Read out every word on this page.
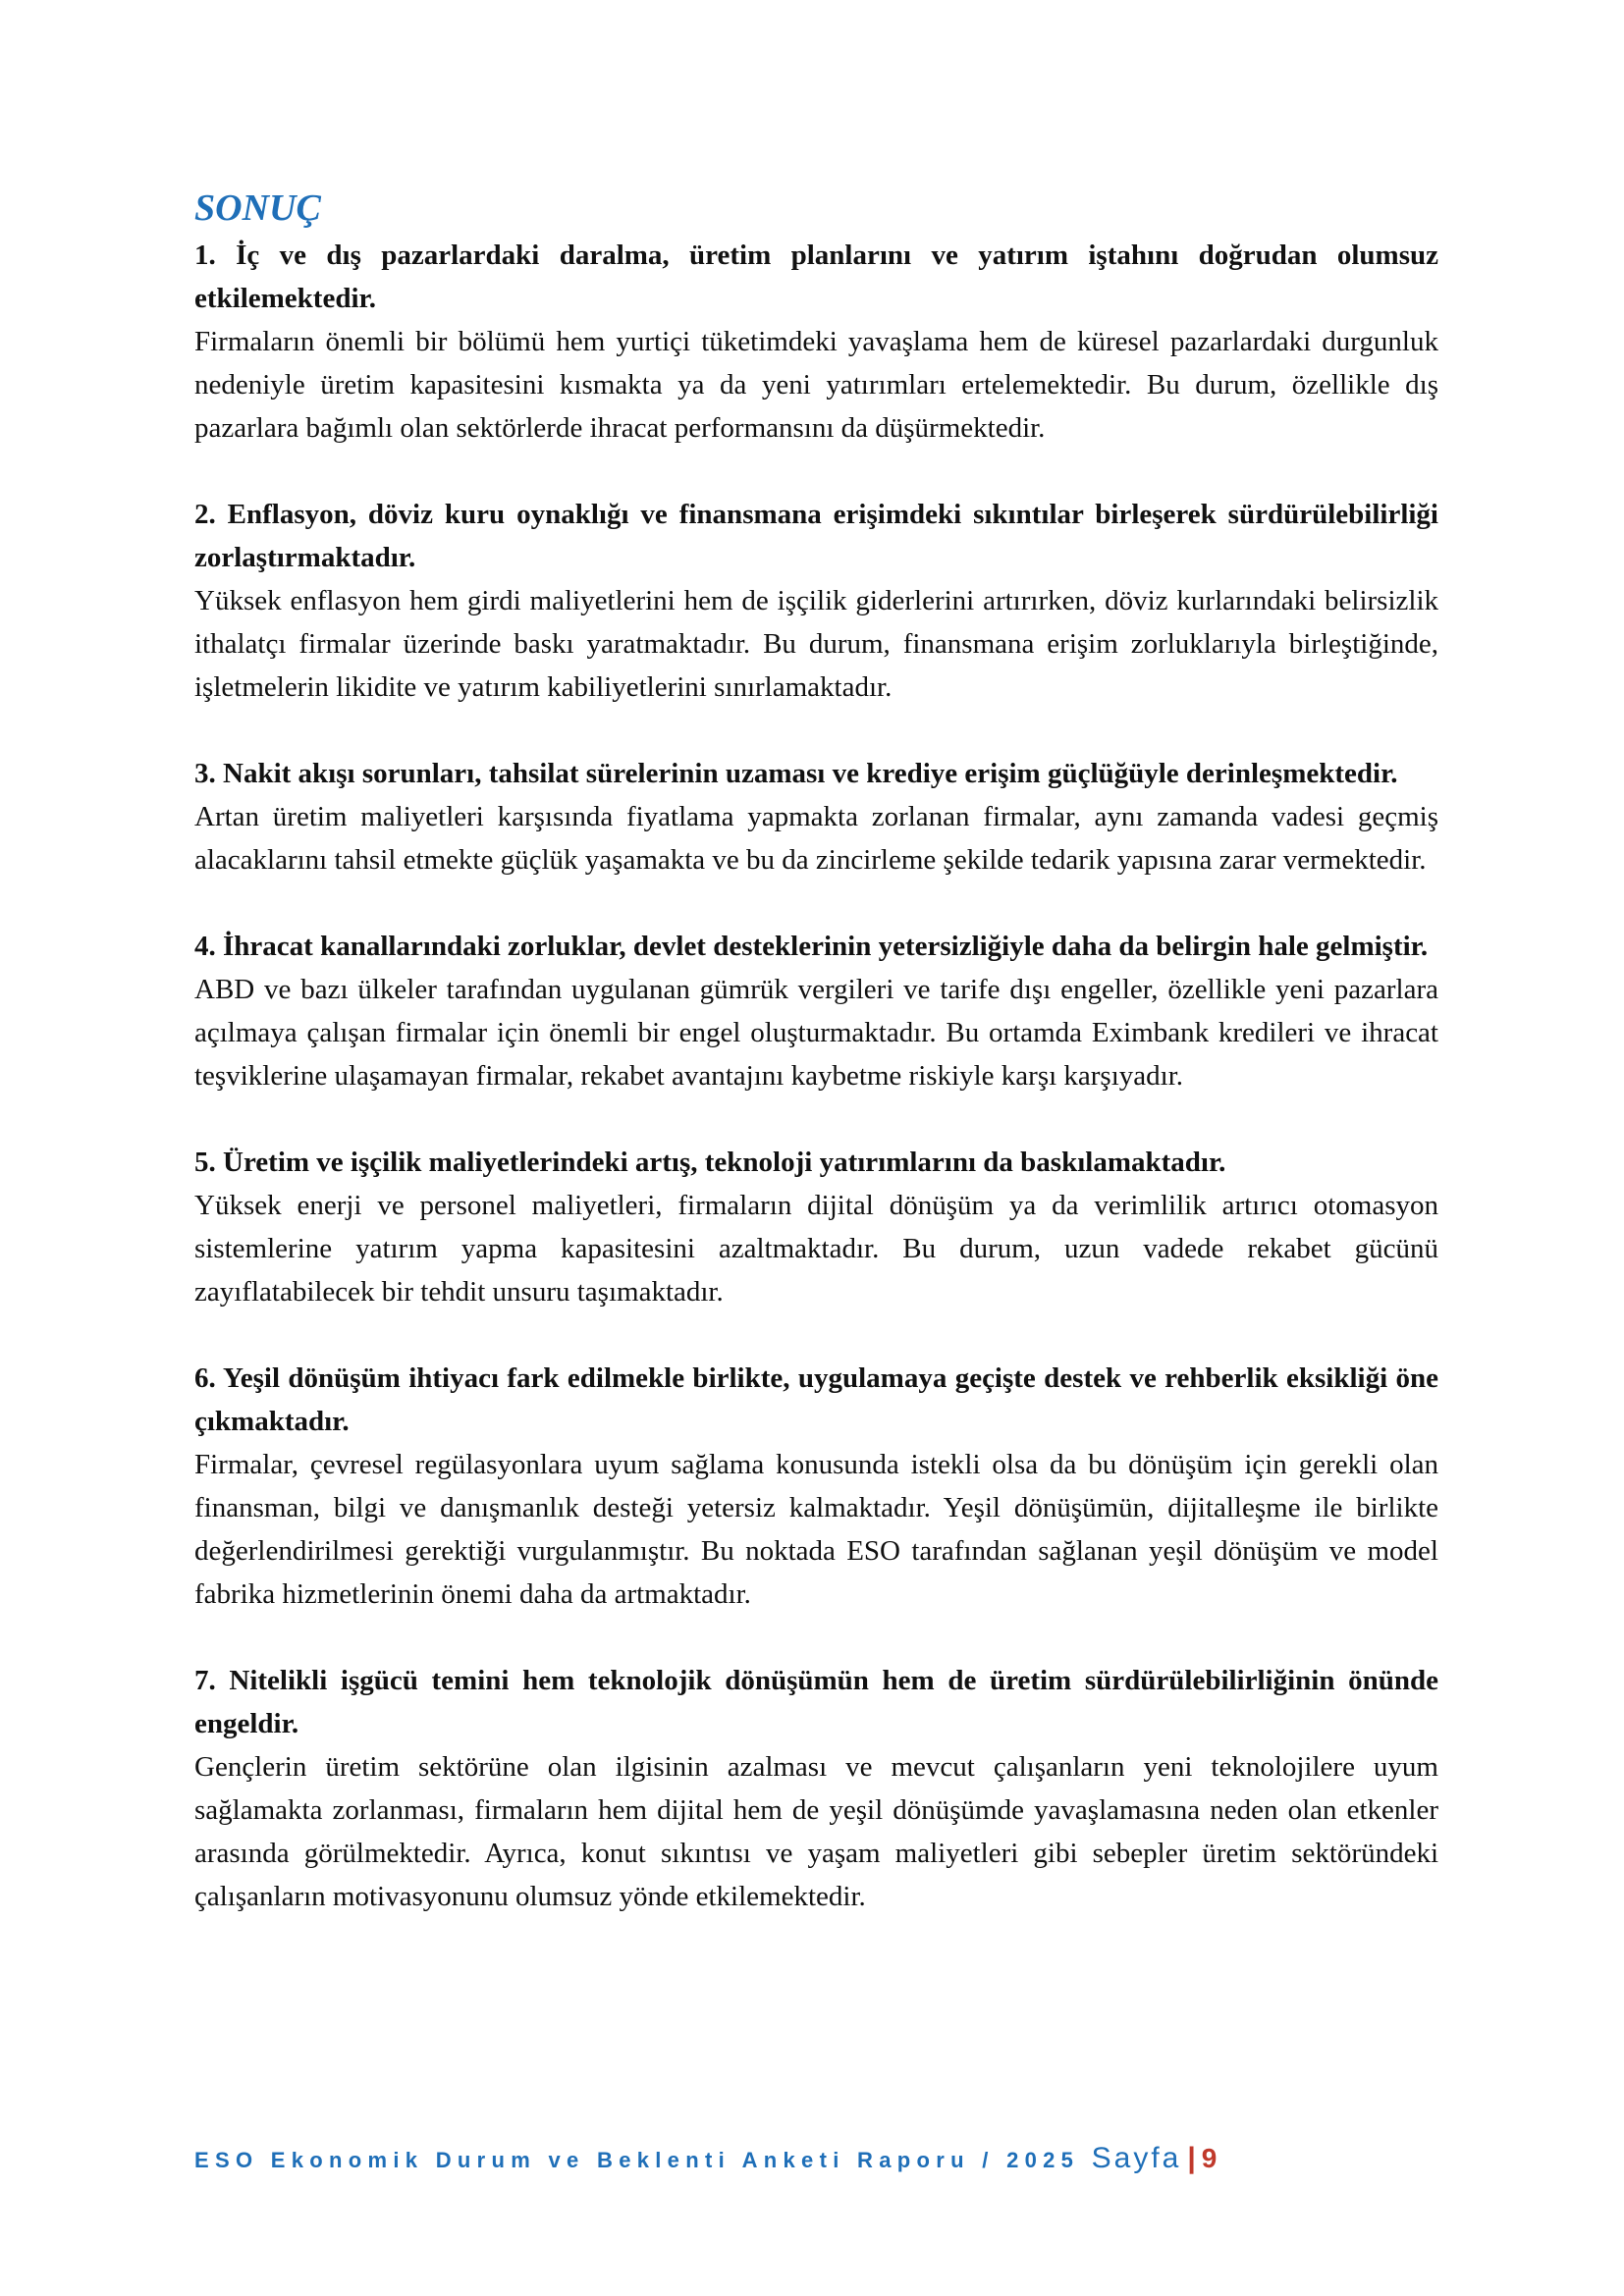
SONUÇ

1. İç ve dış pazarlardaki daralma, üretim planlarını ve yatırım iştahını doğrudan olumsuz etkilemektedir.

Firmaların önemli bir bölümü hem yurtiçi tüketimdeki yavaşlama hem de küresel pazarlardaki durgunluk nedeniyle üretim kapasitesini kısmakta ya da yeni yatırımları ertelemektedir. Bu durum, özellikle dış pazarlara bağımlı olan sektörlerde ihracat performansını da düşürmektedir.

2. Enflasyon, döviz kuru oynaklığı ve finansmana erişimdeki sıkıntılar birleşerek sürdürülebilirliği zorlaştırmaktadır.

Yüksek enflasyon hem girdi maliyetlerini hem de işçilik giderlerini artırırken, döviz kurlarındaki belirsizlik ithalatçı firmalar üzerinde baskı yaratmaktadır. Bu durum, finansmana erişim zorluklarıyla birleştiğinde, işletmelerin likidite ve yatırım kabiliyetlerini sınırlamaktadır.

3. Nakit akışı sorunları, tahsilat sürelerinin uzaması ve krediye erişim güçlüğüyle derinleşmektedir.

Artan üretim maliyetleri karşısında fiyatlama yapmakta zorlanan firmalar, aynı zamanda vadesi geçmiş alacaklarını tahsil etmekte güçlük yaşamakta ve bu da zincirleme şekilde tedarik yapısına zarar vermektedir.

4. İhracat kanallarındaki zorluklar, devlet desteklerinin yetersizliğiyle daha da belirgin hale gelmiştir.

ABD ve bazı ülkeler tarafından uygulanan gümrük vergileri ve tarife dışı engeller, özellikle yeni pazarlara açılmaya çalışan firmalar için önemli bir engel oluşturmaktadır. Bu ortamda Eximbank kredileri ve ihracat teşviklerine ulaşamayan firmalar, rekabet avantajını kaybetme riskiyle karşı karşıyadır.

5. Üretim ve işçilik maliyetlerindeki artış, teknoloji yatırımlarını da baskılamaktadır.

Yüksek enerji ve personel maliyetleri, firmaların dijital dönüşüm ya da verimlilik artırıcı otomasyon sistemlerine yatırım yapma kapasitesini azaltmaktadır. Bu durum, uzun vadede rekabet gücünü zayıflatabilecek bir tehdit unsuru taşımaktadır.

6. Yeşil dönüşüm ihtiyacı fark edilmekle birlikte, uygulamaya geçişte destek ve rehberlik eksikliği öne çıkmaktadır.

Firmalar, çevresel regülasyonlara uyum sağlama konusunda istekli olsa da bu dönüşüm için gerekli olan finansman, bilgi ve danışmanlık desteği yetersiz kalmaktadır. Yeşil dönüşümün, dijitalleşme ile birlikte değerlendirilmesi gerektiği vurgulanmıştır. Bu noktada ESO tarafından sağlanan yeşil dönüşüm ve model fabrika hizmetlerinin önemi daha da artmaktadır.

7. Nitelikli işgücü temini hem teknolojik dönüşümün hem de üretim sürdürülebilirliğinin önünde engeldir.

Gençlerin üretim sektörüne olan ilgisinin azalması ve mevcut çalışanların yeni teknolojilere uyum sağlamakta zorlanması, firmaların hem dijital hem de yeşil dönüşümde yavaşlamasına neden olan etkenler arasında görülmektedir. Ayrıca, konut sıkıntısı ve yaşam maliyetleri gibi sebepler üretim sektöründeki çalışanların motivasyonunu olumsuz yönde etkilemektedir.

ESO Ekonomik Durum ve Beklenti Anketi Raporu / 2025 Sayfa | 9
